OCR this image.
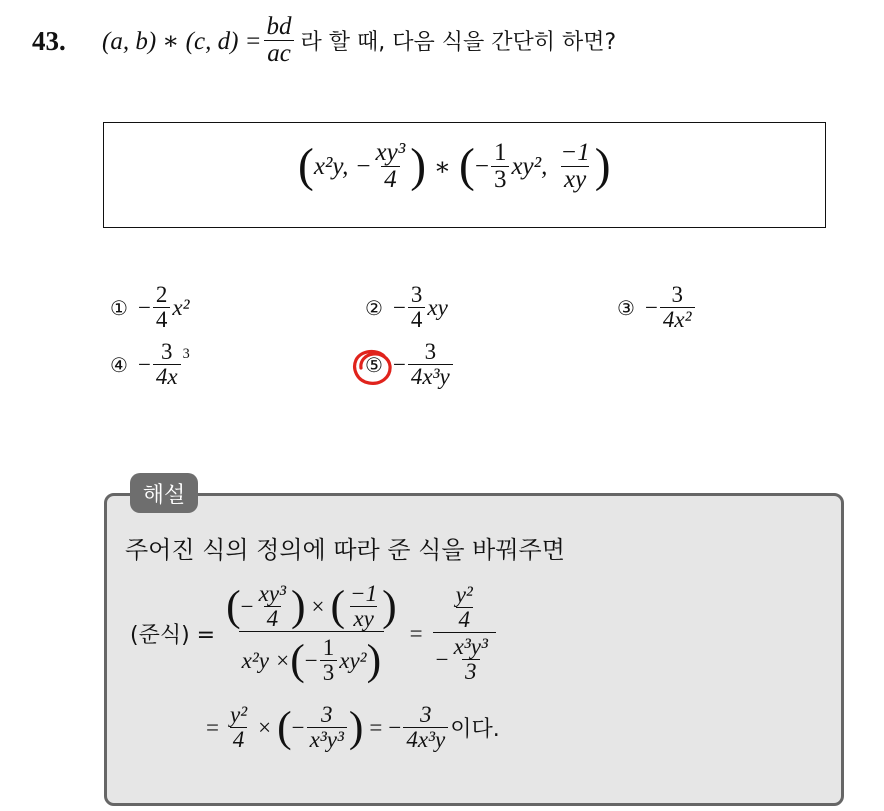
43. (a, b) ∗ (c, $d) = \frac{bd}{ac}$ 라 할 때, 다음 식을 간단히 하면?
( x²y, − $\frac{\text{xy³}}{4}$ ) ∗ ( − $\frac{1}{3} xy^2$, $\frac{-1}{xy}$ )
① − $\frac{2}{4} x^2$	② − $\frac{3}{4}$ xy	③ − $\frac{3}{\text{4x²}}$
④ − $\frac{3}{4x} 3$	⑤ − $\frac{3}{\text{4x³y}}$
해설
주어진 식의 정의에 따라 준 식을 바꿔주면
(준식) =
( − $\frac{\text{xy³}}{4}$ ) × ( $\frac{-1}{xy}$ )
x²y × ( − $\frac{1}{3} xy^2$ )
= $\frac{\frac{\text{y²}}{4}}{- \frac{\text{x³y³}}{3}}$
= $\frac{\text{y²}}{4}$ × ( − $\frac{3}{\text{x³y³}}$ ) = − $\frac{3}{\text{4x³y}}$ 이다.
